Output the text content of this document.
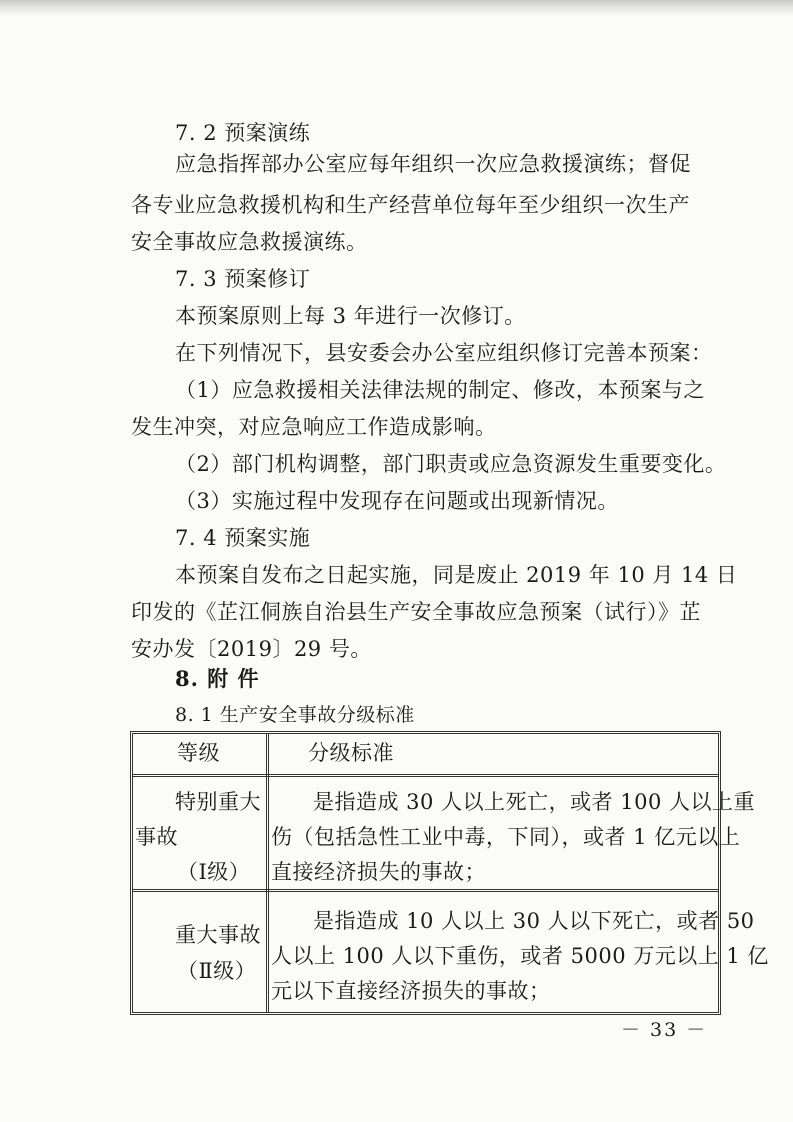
7. 2 预案演练
应急指挥部办公室应每年组织一次应急救援演练；督促
各专业应急救援机构和生产经营单位每年至少组织一次生产
安全事故应急救援演练。
7. 3 预案修订
本预案原则上每 3 年进行一次修订。
在下列情况下，县安委会办公室应组织修订完善本预案：
（1）应急救援相关法律法规的制定、修改，本预案与之
发生冲突，对应急响应工作造成影响。
（2）部门机构调整，部门职责或应急资源发生重要变化。
（3）实施过程中发现存在问题或出现新情况。
7. 4 预案实施
本预案自发布之日起实施，同是废止 2019 年 10 月 14 日
印发的《芷江侗族自治县生产安全事故应急预案（试行）》芷
安办发〔2019〕29 号。
8. 附 件
8. 1 生产安全事故分级标准
等级	分级标准
特别重大
事故
（Ⅰ级）
是指造成 30 人以上死亡，或者 100 人以上重
伤（包括急性工业中毒，下同），或者 1 亿元以上
直接经济损失的事故；
重大事故
（Ⅱ级）
是指造成 10 人以上 30 人以下死亡，或者 50
人以上 100 人以下重伤，或者 5000 万元以上 1 亿
元以下直接经济损失的事故；
－ 33 －
